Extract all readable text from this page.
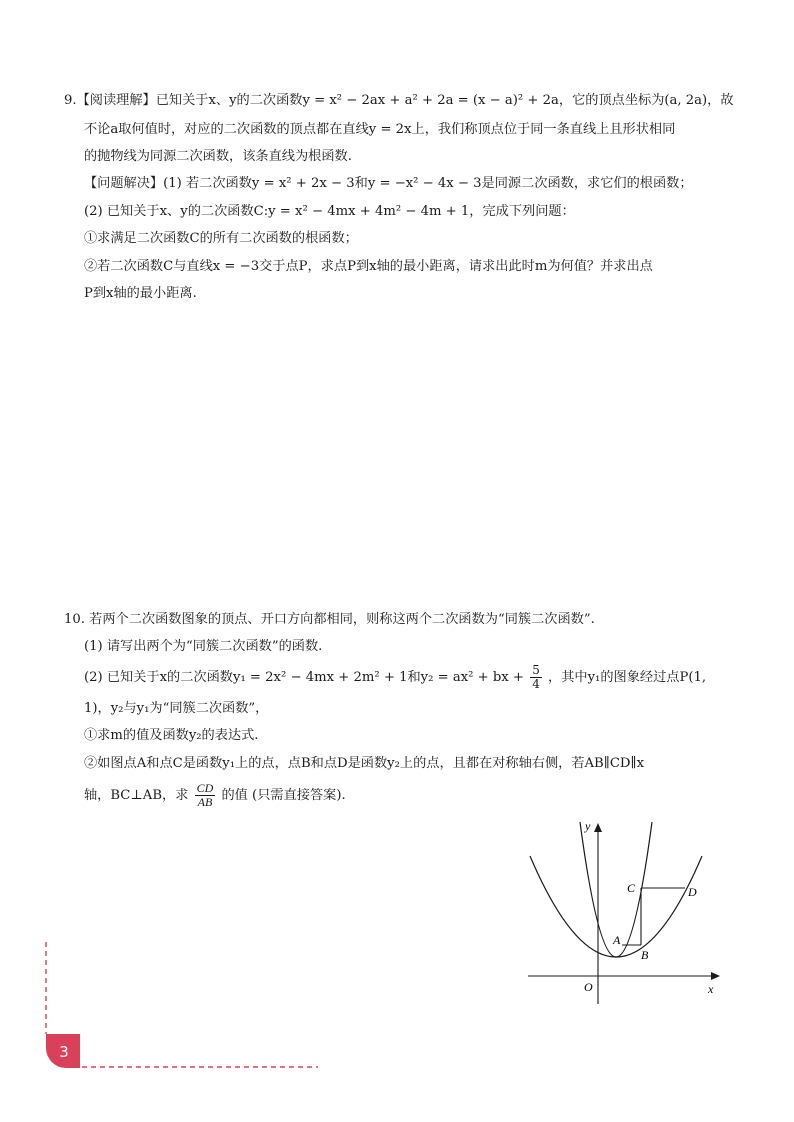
9.【阅读理解】已知关于x、y的二次函数y = x² − 2ax + a² + 2a = (x − a)² + 2a，它的顶点坐标为(a, 2a)，故
不论a取何值时，对应的二次函数的顶点都在直线y = 2x上，我们称顶点位于同一条直线上且形状相同
的抛物线为同源二次函数，该条直线为根函数.
【问题解决】(1) 若二次函数y = x² + 2x − 3和y = −x² − 4x − 3是同源二次函数，求它们的根函数；
(2) 已知关于x、y的二次函数C:y = x² − 4mx + 4m² − 4m + 1，完成下列问题：
①求满足二次函数C的所有二次函数的根函数；
②若二次函数C与直线x = −3交于点P，求点P到x轴的最小距离，请求出此时m为何值？并求出点
P到x轴的最小距离.
10. 若两个二次函数图象的顶点、开口方向都相同，则称这两个二次函数为“同簇二次函数”.
(1) 请写出两个为“同簇二次函数”的函数.
(2) 已知关于x的二次函数y₁ = 2x² − 4mx + 2m² + 1和y₂ = ax² + bx + $\frac{5}{4}$ ，其中y₁的图象经过点P(1,
1)，y₂与y₁为“同簇二次函数”，
①求m的值及函数y₂的表达式.
②如图点A和点C是函数y₁上的点，点B和点D是函数y₂上的点，且都在对称轴右侧，若AB∥CD∥x
轴，BC⊥AB，求 $\frac{CD}{AB}$ 的值 (只需直接答案).
y
x
O
C	D
A
B
3
